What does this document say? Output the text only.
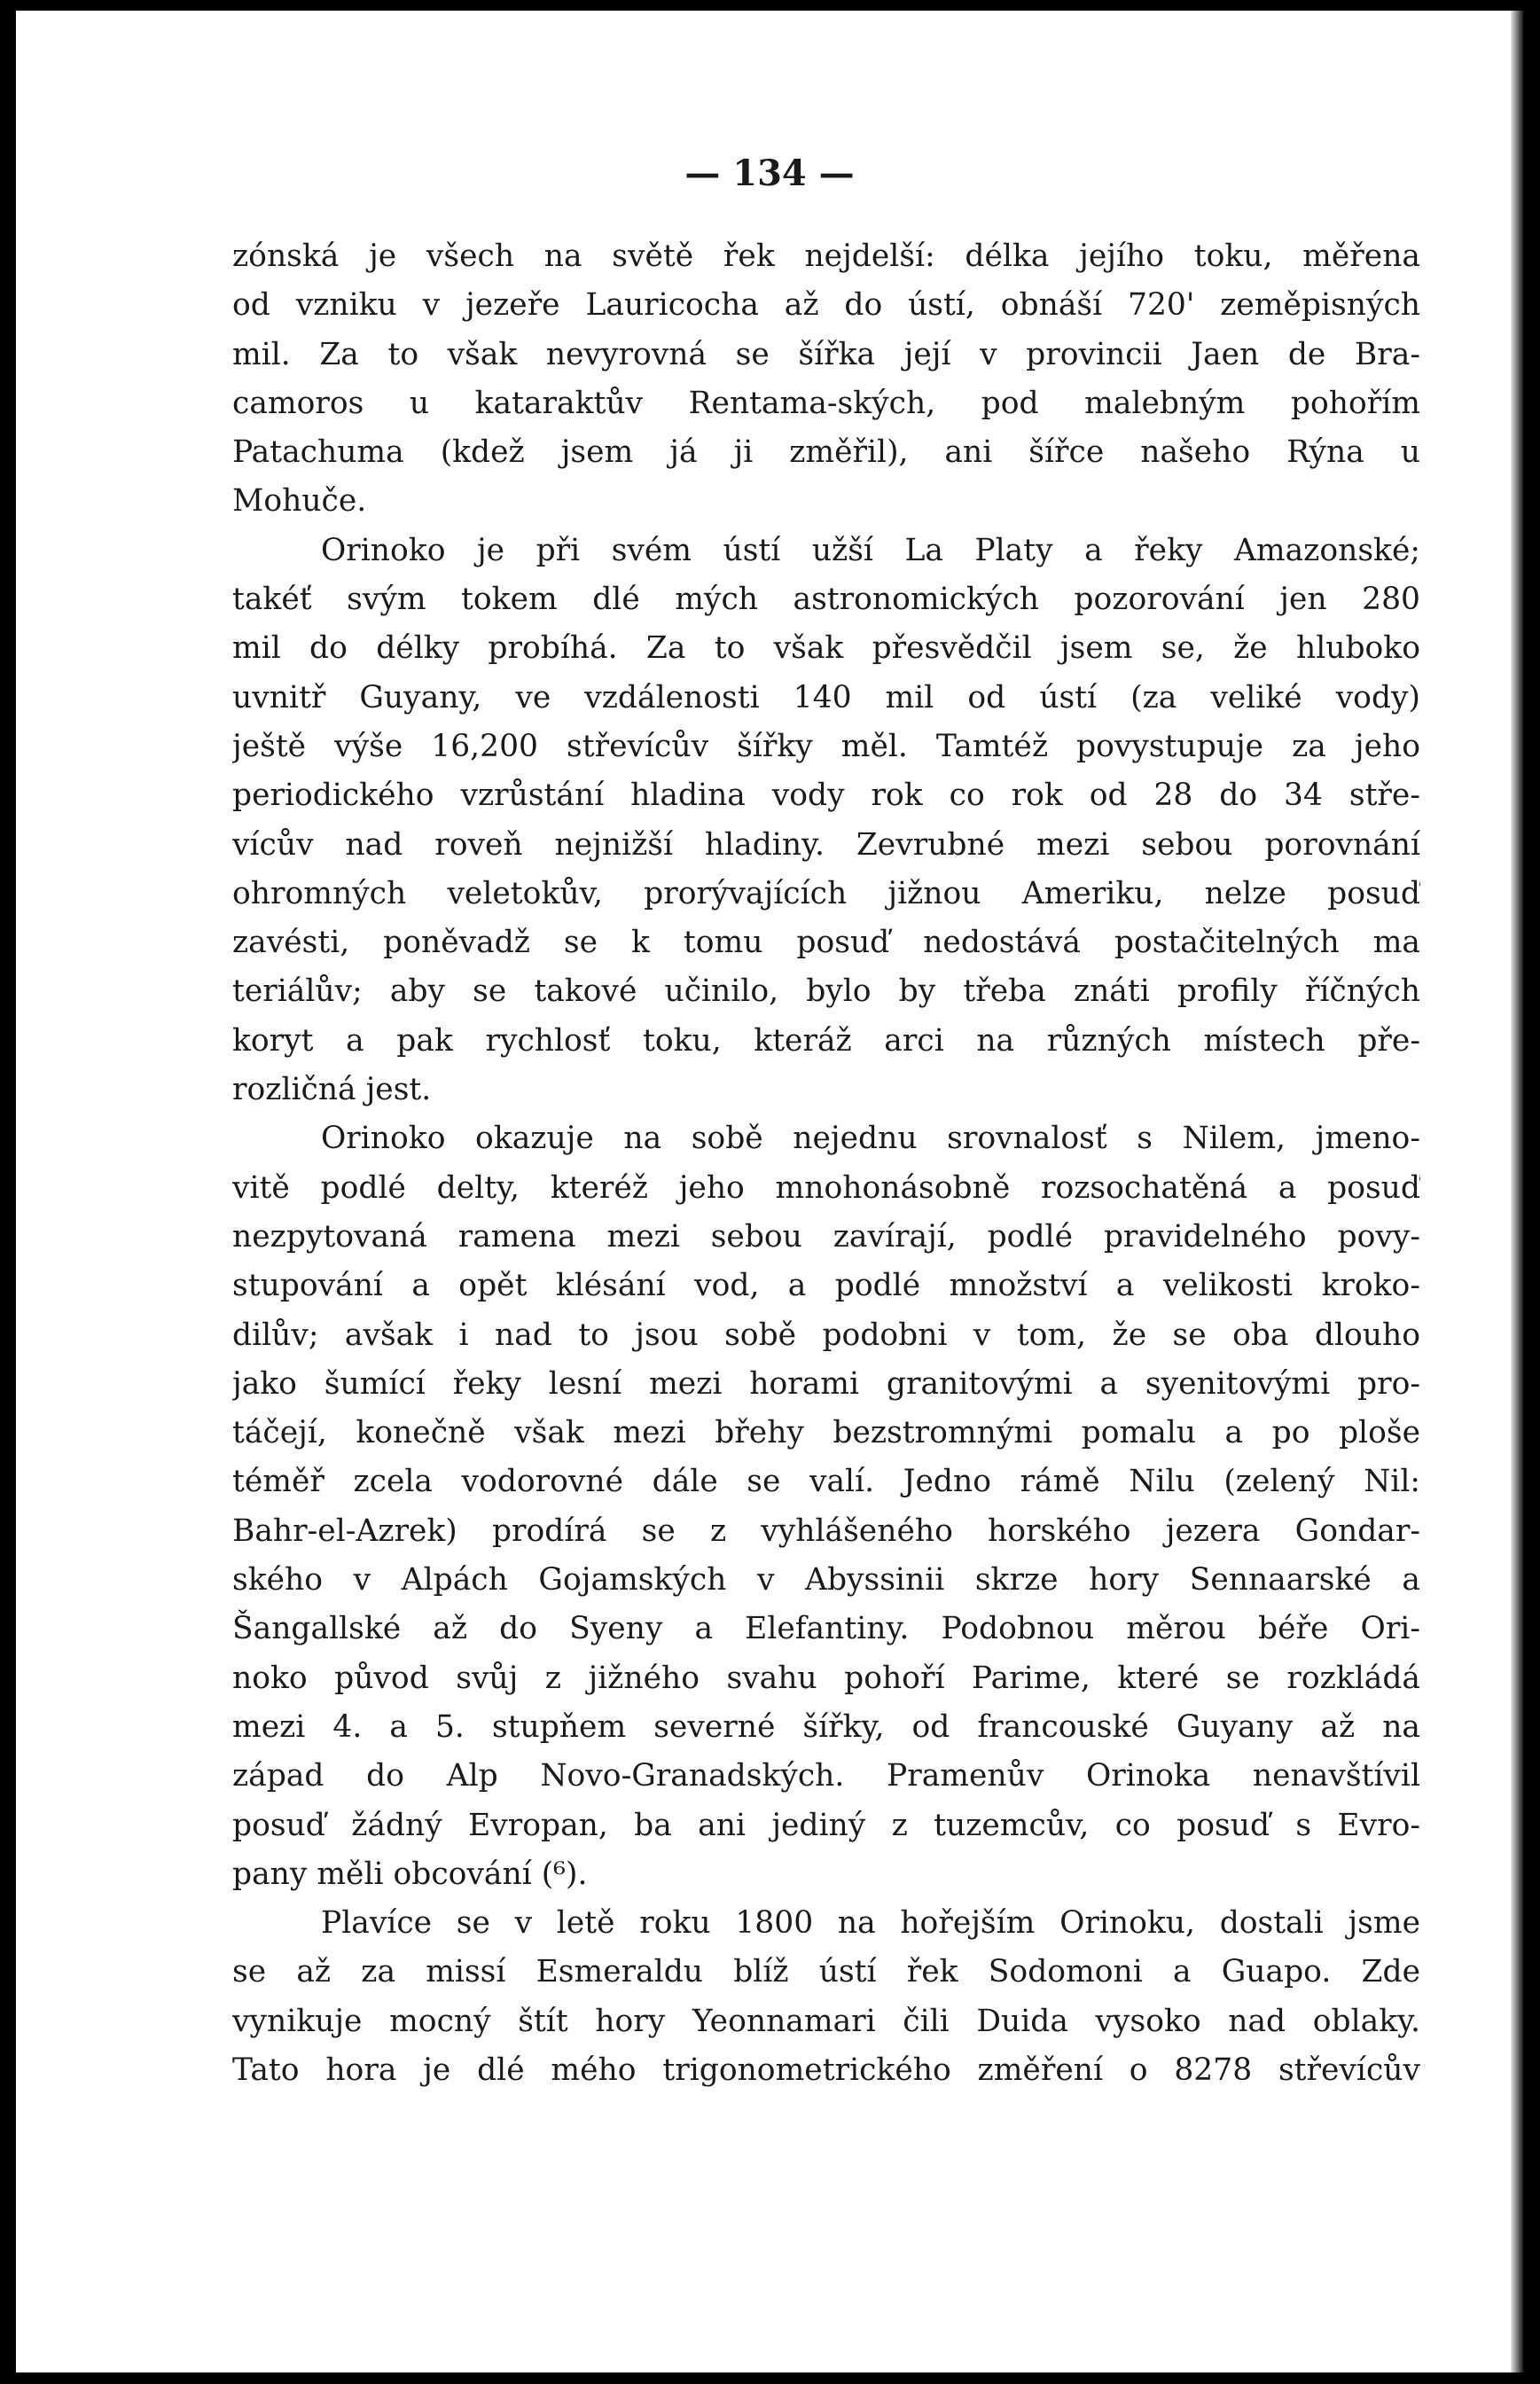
— 134 —
zónská je všech na světě řek nejdelší: délka jejího toku, měřena
od vzniku v jezeře Lauricocha až do ústí, obnáší 720' zeměpisných
mil. Za to však nevyrovná se šířka její v provincii Jaen de Bra-
camoros u kataraktův Rentama-ských, pod malebným pohořím
Patachuma (kdež jsem já ji změřil), ani šířce našeho Rýna u
Mohuče.
Orinoko je při svém ústí užší La Platy a řeky Amazonské;
takéť svým tokem dlé mých astronomických pozorování jen 280
mil do délky probíhá. Za to však přesvědčil jsem se, že hluboko
uvnitř Guyany, ve vzdálenosti 140 mil od ústí (za veliké vody)
ještě výše 16,200 střevícův šířky měl. Tamtéž povystupuje za jeho
periodického vzrůstání hladina vody rok co rok od 28 do 34 stře-
vícův nad roveň nejnižší hladiny. Zevrubné mezi sebou porovnání
ohromných veletokův, prorývajících jižnou Ameriku, nelze posuď
zavésti, poněvadž se k tomu posuď nedostává postačitelných ma
teriálův; aby se takové učinilo, bylo by třeba znáti profily říčných
koryt a pak rychlosť toku, kteráž arci na různých místech pře-
rozličná jest.
Orinoko okazuje na sobě nejednu srovnalosť s Nilem, jmeno-
vitě podlé delty, kteréž jeho mnohonásobně rozsochatěná a posuď
nezpytovaná ramena mezi sebou zavírají, podlé pravidelného povy-
stupování a opět klésání vod, a podlé množství a velikosti kroko-
dilův; avšak i nad to jsou sobě podobni v tom, že se oba dlouho
jako šumící řeky lesní mezi horami granitovými a syenitovými pro-
táčejí, konečně však mezi břehy bezstromnými pomalu a po ploše
téměř zcela vodorovné dále se valí. Jedno rámě Nilu (zelený Nil:
Bahr-el-Azrek) prodírá se z vyhlášeného horského jezera Gondar-
ského v Alpách Gojamských v Abyssinii skrze hory Sennaarské a
Šangallské až do Syeny a Elefantiny. Podobnou měrou béře Ori-
noko původ svůj z jižného svahu pohoří Parime, které se rozkládá
mezi 4. a 5. stupňem severné šířky, od francouské Guyany až na
západ do Alp Novo-Granadských. Pramenův Orinoka nenavštívil
posuď žádný Evropan, ba ani jediný z tuzemcův, co posuď s Evro-
pany měli obcování (⁶).
Plavíce se v letě roku 1800 na hořejším Orinoku, dostali jsme
se až za missí Esmeraldu blíž ústí řek Sodomoni a Guapo. Zde
vynikuje mocný štít hory Yeonnamari čili Duida vysoko nad oblaky.
Tato hora je dlé mého trigonometrického změření o 8278 střevícův
